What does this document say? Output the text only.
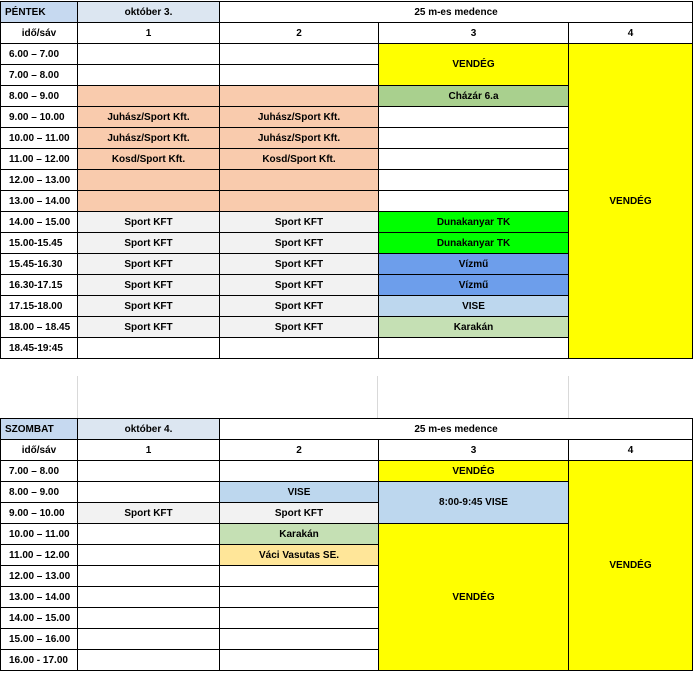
PÉNTEK	október 3.	25 m-es medence		
idő/sáv	1	2	3	4
6.00 – 7.00			VENDÉG	VENDÉG
7.00 – 8.00				
8.00 – 9.00			Cházár 6.a	
9.00 – 10.00	Juhász/Sport Kft.	Juhász/Sport Kft.		
10.00 – 11.00	Juhász/Sport Kft.	Juhász/Sport Kft.		
11.00 – 12.00	Kosd/Sport Kft.	Kosd/Sport Kft.		
12.00 – 13.00				
13.00 – 14.00				
14.00 – 15.00	Sport KFT	Sport KFT	Dunakanyar TK	
15.00-15.45	Sport KFT	Sport KFT	Dunakanyar TK	
15.45-16.30	Sport KFT	Sport KFT	Vízmű	
16.30-17.15	Sport KFT	Sport KFT	Vízmű	
17.15-18.00	Sport KFT	Sport KFT	VISE	
18.00 – 18.45	Sport KFT	Sport KFT	Karakán	
18.45-19:45				
SZOMBAT	október 4.	25 m-es medence		
idő/sáv	1	2	3	4
7.00 – 8.00			VENDÉG	VENDÉG
8.00 – 9.00		VISE	8:00-9:45 VISE	
9.00 – 10.00	Sport KFT	Sport KFT		
10.00 – 11.00		Karakán	VENDÉG	
11.00 – 12.00		Váci Vasutas SE.		
12.00 – 13.00				
13.00 – 14.00				
14.00 – 15.00				
15.00 – 16.00				
16.00 - 17.00				
